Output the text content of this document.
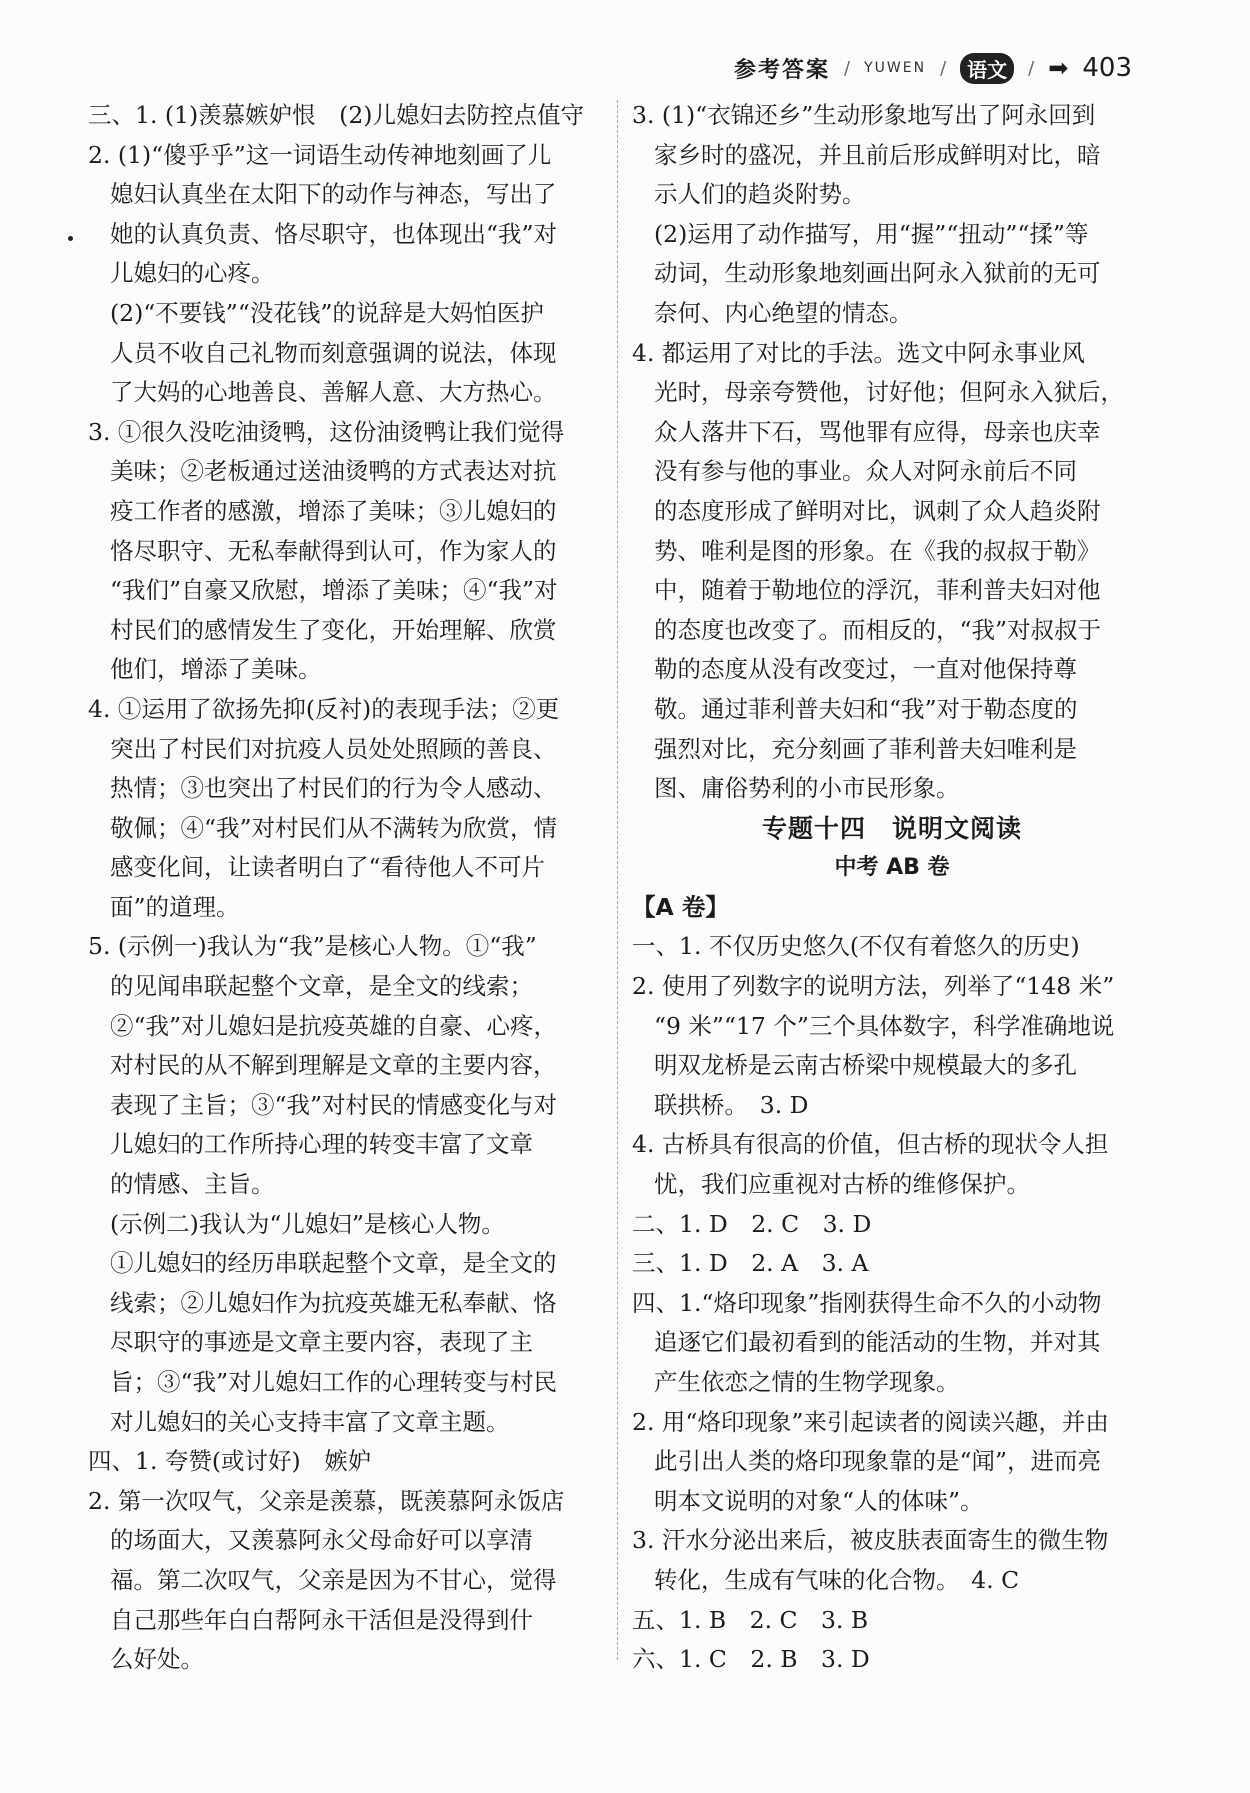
参考答案 / YUWEN /	语文	/ ➡ 403
三、1. (1)羡慕嫉妒恨　(2)儿媳妇去防控点值守
2. (1)“傻乎乎”这一词语生动传神地刻画了儿
媳妇认真坐在太阳下的动作与神态，写出了
她的认真负责、恪尽职守，也体现出“我”对
儿媳妇的心疼。
(2)“不要钱”“没花钱”的说辞是大妈怕医护
人员不收自己礼物而刻意强调的说法，体现
了大妈的心地善良、善解人意、大方热心。
3. ①很久没吃油烫鸭，这份油烫鸭让我们觉得
美味；②老板通过送油烫鸭的方式表达对抗
疫工作者的感激，增添了美味；③儿媳妇的
恪尽职守、无私奉献得到认可，作为家人的
“我们”自豪又欣慰，增添了美味；④“我”对
村民们的感情发生了变化，开始理解、欣赏
他们，增添了美味。
4. ①运用了欲扬先抑(反衬)的表现手法；②更
突出了村民们对抗疫人员处处照顾的善良、
热情；③也突出了村民们的行为令人感动、
敬佩；④“我”对村民们从不满转为欣赏，情
感变化间，让读者明白了“看待他人不可片
面”的道理。
5. (示例一)我认为“我”是核心人物。①“我”
的见闻串联起整个文章，是全文的线索；
②“我”对儿媳妇是抗疫英雄的自豪、心疼，
对村民的从不解到理解是文章的主要内容，
表现了主旨；③“我”对村民的情感变化与对
儿媳妇的工作所持心理的转变丰富了文章
的情感、主旨。
(示例二)我认为“儿媳妇”是核心人物。
①儿媳妇的经历串联起整个文章，是全文的
线索；②儿媳妇作为抗疫英雄无私奉献、恪
尽职守的事迹是文章主要内容，表现了主
旨；③“我”对儿媳妇工作的心理转变与村民
对儿媳妇的关心支持丰富了文章主题。
四、1. 夸赞(或讨好)　嫉妒
2. 第一次叹气，父亲是羡慕，既羡慕阿永饭店
的场面大，又羡慕阿永父母命好可以享清
福。第二次叹气，父亲是因为不甘心，觉得
自己那些年白白帮阿永干活但是没得到什
么好处。
3. (1)“衣锦还乡”生动形象地写出了阿永回到
家乡时的盛况，并且前后形成鲜明对比，暗
示人们的趋炎附势。
(2)运用了动作描写，用“握”“扭动”“揉”等
动词，生动形象地刻画出阿永入狱前的无可
奈何、内心绝望的情态。
4. 都运用了对比的手法。选文中阿永事业风
光时，母亲夸赞他，讨好他；但阿永入狱后，
众人落井下石，骂他罪有应得，母亲也庆幸
没有参与他的事业。众人对阿永前后不同
的态度形成了鲜明对比，讽刺了众人趋炎附
势、唯利是图的形象。在《我的叔叔于勒》
中，随着于勒地位的浮沉，菲利普夫妇对他
的态度也改变了。而相反的，“我”对叔叔于
勒的态度从没有改变过，一直对他保持尊
敬。通过菲利普夫妇和“我”对于勒态度的
强烈对比，充分刻画了菲利普夫妇唯利是
图、庸俗势利的小市民形象。
专题十四　说明文阅读
中考 AB 卷
【A 卷】
一、1. 不仅历史悠久(不仅有着悠久的历史)
2. 使用了列数字的说明方法，列举了“148 米”
“9 米”“17 个”三个具体数字，科学准确地说
明双龙桥是云南古桥梁中规模最大的多孔
联拱桥。　3. D
4. 古桥具有很高的价值，但古桥的现状令人担
忧，我们应重视对古桥的维修保护。
二、1. D　2. C　3. D
三、1. D　2. A　3. A
四、1.“烙印现象”指刚获得生命不久的小动物
追逐它们最初看到的能活动的生物，并对其
产生依恋之情的生物学现象。
2. 用“烙印现象”来引起读者的阅读兴趣，并由
此引出人类的烙印现象靠的是“闻”，进而亮
明本文说明的对象“人的体味”。
3. 汗水分泌出来后，被皮肤表面寄生的微生物
转化，生成有气味的化合物。　4. C
五、1. B　2. C　3. B
六、1. C　2. B　3. D
